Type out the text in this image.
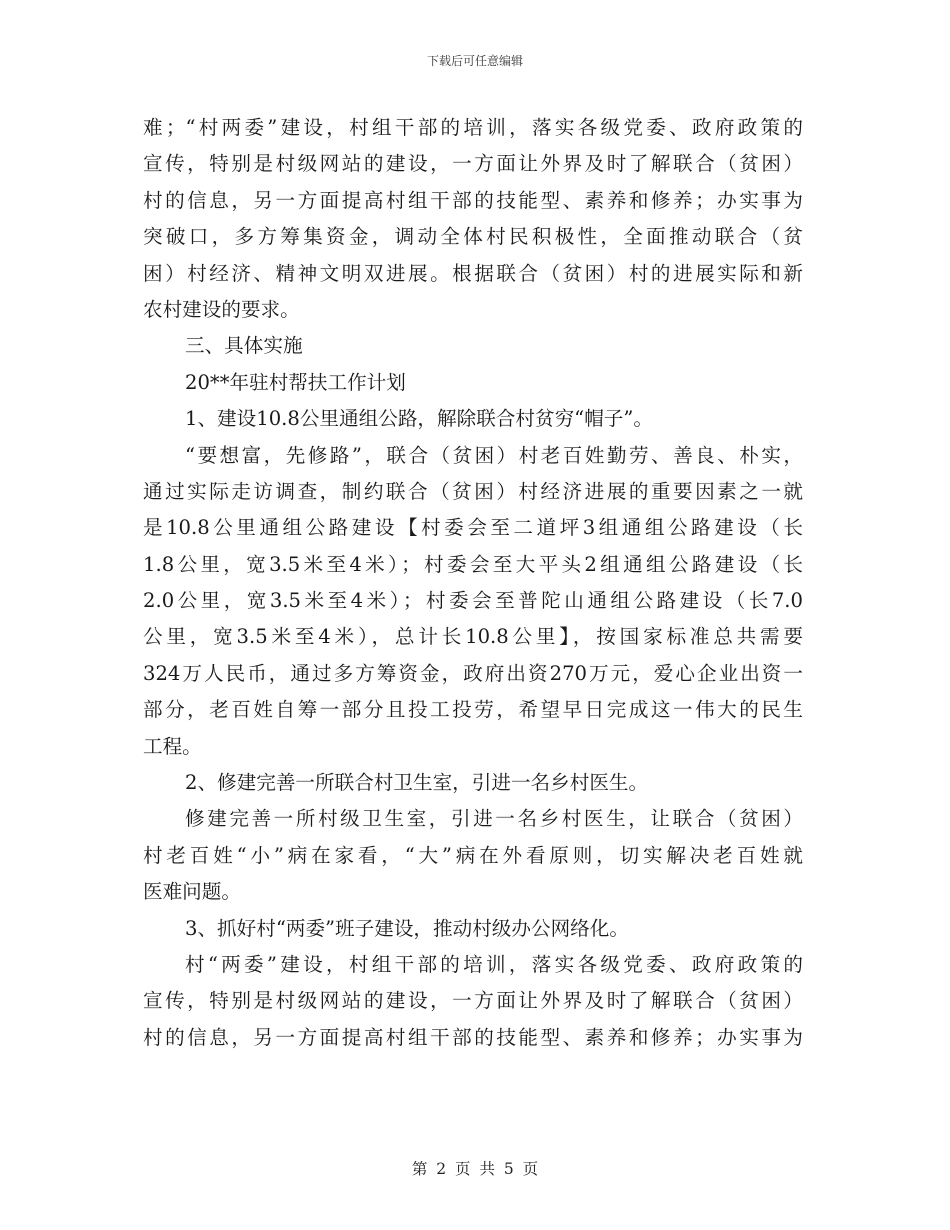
下载后可任意编辑
难；“村两委”建设，村组干部的培训，落实各级党委、政府政策的
宣传，特别是村级网站的建设，一方面让外界及时了解联合（贫困）
村的信息，另一方面提高村组干部的技能型、素养和修养；办实事为
突破口，多方筹集资金，调动全体村民积极性，全面推动联合（贫
困）村经济、精神文明双进展。根据联合（贫困）村的进展实际和新
农村建设的要求。
三、具体实施
20**年驻村帮扶工作计划
1、建设10.8公里通组公路，解除联合村贫穷“帽子”。
“要想富，先修路”，联合（贫困）村老百姓勤劳、善良、朴实，
通过实际走访调查，制约联合（贫困）村经济进展的重要因素之一就
是10.8公里通组公路建设【村委会至二道坪3组通组公路建设（长
1.8公里，宽3.5米至4米）；村委会至大平头2组通组公路建设（长
2.0公里，宽3.5米至4米）；村委会至普陀山通组公路建设（长7.0
公里，宽3.5米至4米），总计长10.8公里】，按国家标准总共需要
324万人民币，通过多方筹资金，政府出资270万元，爱心企业出资一
部分，老百姓自筹一部分且投工投劳，希望早日完成这一伟大的民生
工程。
2、修建完善一所联合村卫生室，引进一名乡村医生。
修建完善一所村级卫生室，引进一名乡村医生，让联合（贫困）
村老百姓“小”病在家看，“大”病在外看原则，切实解决老百姓就
医难问题。
3、抓好村“两委”班子建设，推动村级办公网络化。
村“两委”建设，村组干部的培训，落实各级党委、政府政策的
宣传，特别是村级网站的建设，一方面让外界及时了解联合（贫困）
村的信息，另一方面提高村组干部的技能型、素养和修养；办实事为
第 2 页 共 5 页
